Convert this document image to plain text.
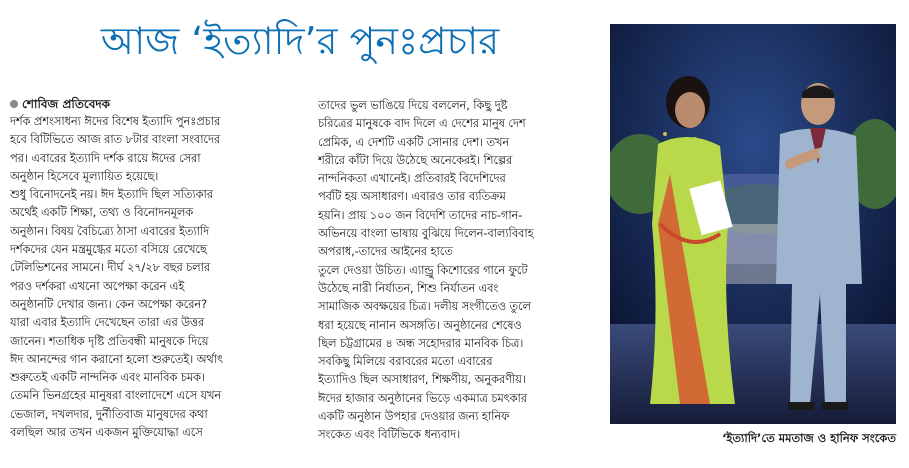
আজ ‘ইত্যাদি’র পুনঃপ্রচার
শোবিজ প্রতিবেদক
দর্শক প্রশংসাধন্য ঈদের বিশেষ ইত্যাদি পুনঃপ্রচার
হবে বিটিভিতে আজ রাত ৮টার বাংলা সংবাদের
পর। এবারের ইত্যাদি দর্শক রায়ে ঈদের সেরা
অনুষ্ঠান হিসেবে মূল্যায়িত হয়েছে।
শুধু বিনোদনেই নয়। ঈদ ইত্যাদি ছিল সত্যিকার
অর্থেই একটি শিক্ষা, তথ্য ও বিনোদনমূলক
অনুষ্ঠান। বিষয় বৈচিত্র্যে ঠাসা এবারের ইত্যাদি
দর্শকদের যেন মন্ত্রমুগ্ধের মতো বসিয়ে রেখেছে
টেলিভিশনের সামনে। দীর্ঘ ২৭/২৮ বছর চলার
পরও দর্শকরা এখনো অপেক্ষা করেন এই
অনুষ্ঠানটি দেখার জন্য। কেন অপেক্ষা করেন?
যারা এবার ইত্যাদি দেখেছেন তারা এর উত্তর
জানেন। শতাধিক দৃষ্টি প্রতিবন্ধী মানুষকে দিয়ে
ঈদ আনন্দের গান করানো হলো শুরুতেই। অর্থাৎ
শুরুতেই একটি নান্দনিক এবং মানবিক চমক।
তেমনি ভিনগ্রহের মানুষরা বাংলাদেশে এসে যখন
ভেজাল, দখলদার, দুর্নীতিবাজ মানুষদের কথা
বলছিল আর তখন একজন মুক্তিযোদ্ধা এসে
তাদের ভুল ভাঙিয়ে দিয়ে বললেন, কিছু দুষ্ট
চরিত্রের মানুষকে বাদ দিলে এ দেশের মানুষ দেশ
প্রেমিক, এ দেশটি একটি সোনার দেশ। তখন
শরীরে কাঁটা দিয়ে উঠেছে অনেকেরই। শিল্পের
নান্দনিকতা এখানেই। প্রতিবারই বিদেশিদের
পর্বটি হয় অসাধারণ। এবারও তার ব্যতিক্রম
হয়নি। প্রায় ১০০ জন বিদেশি তাদের নাচ-গান-
অভিনয়ে বাংলা ভাষায় বুঝিয়ে দিলেন-বাল্যবিবাহ
অপরাধ,-তাদের আইনের হাতে
তুলে দেওয়া উচিত। এ্যান্ড্রু কিশোরের গানে ফুটে
উঠেছে নারী নির্যাতন, শিশু নির্যাতন এবং
সামাজিক অবক্ষয়ের চিত্র। দলীয় সংগীতেও তুলে
ধরা হয়েছে নানান অসঙ্গতি। অনুষ্ঠানের শেষেও
ছিল চট্টগ্রামের ৪ অন্ধ সহোদরার মানবিক চিত্র।
সবকিছু মিলিয়ে বরাবরের মতো এবারের
ইত্যাদিও ছিল অসাধারণ, শিক্ষণীয়, অনুকরণীয়।
ঈদের হাজার অনুষ্ঠানের ভিড়ে একমাত্র চমৎকার
একটি অনুষ্ঠান উপহার দেওয়ার জন্য হানিফ
সংকেত এবং বিটিভিকে ধন্যবাদ।	‘ইত্যাদি’তে মমতাজ ও হানিফ সংকেত
